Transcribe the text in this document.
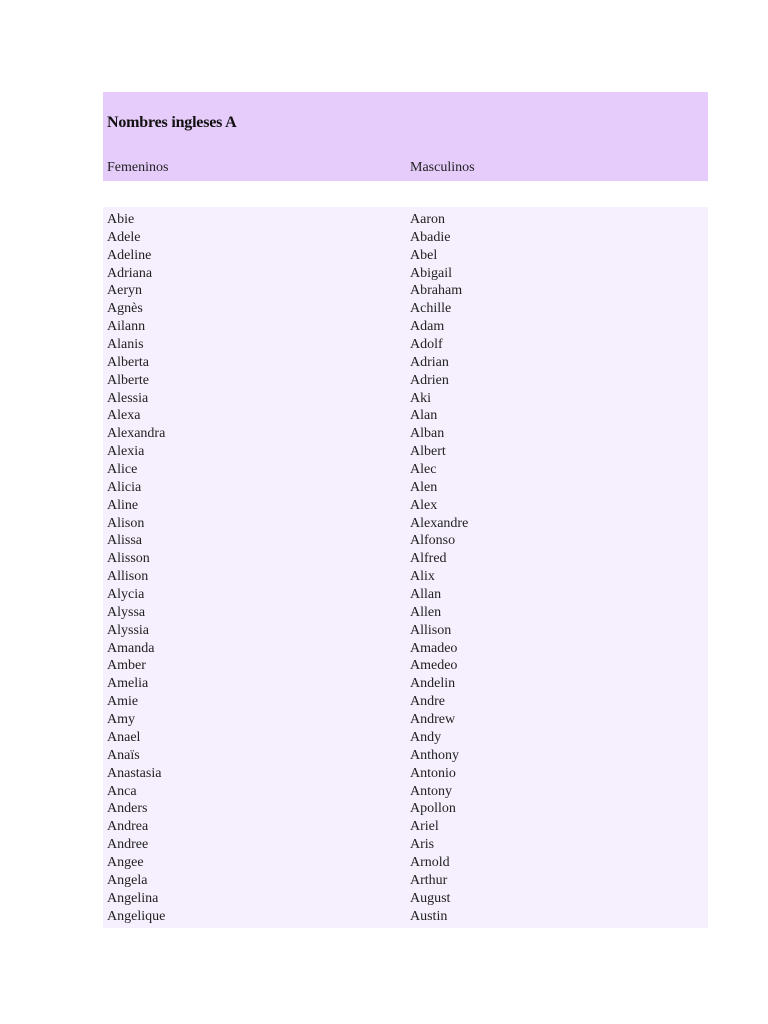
Nombres ingleses A
Femeninos	Masculinos
Abie
Adele
Adeline
Adriana
Aeryn
Agnès
Ailann
Alanis
Alberta
Alberte
Alessia
Alexa
Alexandra
Alexia
Alice
Alicia
Aline
Alison
Alissa
Alisson
Allison
Alycia
Alyssa
Alyssia
Amanda
Amber
Amelia
Amie
Amy
Anael
Anaïs
Anastasia
Anca
Anders
Andrea
Andree
Angee
Angela
Angelina
Angelique
Aaron
Abadie
Abel
Abigail
Abraham
Achille
Adam
Adolf
Adrian
Adrien
Aki
Alan
Alban
Albert
Alec
Alen
Alex
Alexandre
Alfonso
Alfred
Alix
Allan
Allen
Allison
Amadeo
Amedeo
Andelin
Andre
Andrew
Andy
Anthony
Antonio
Antony
Apollon
Ariel
Aris
Arnold
Arthur
August
Austin
